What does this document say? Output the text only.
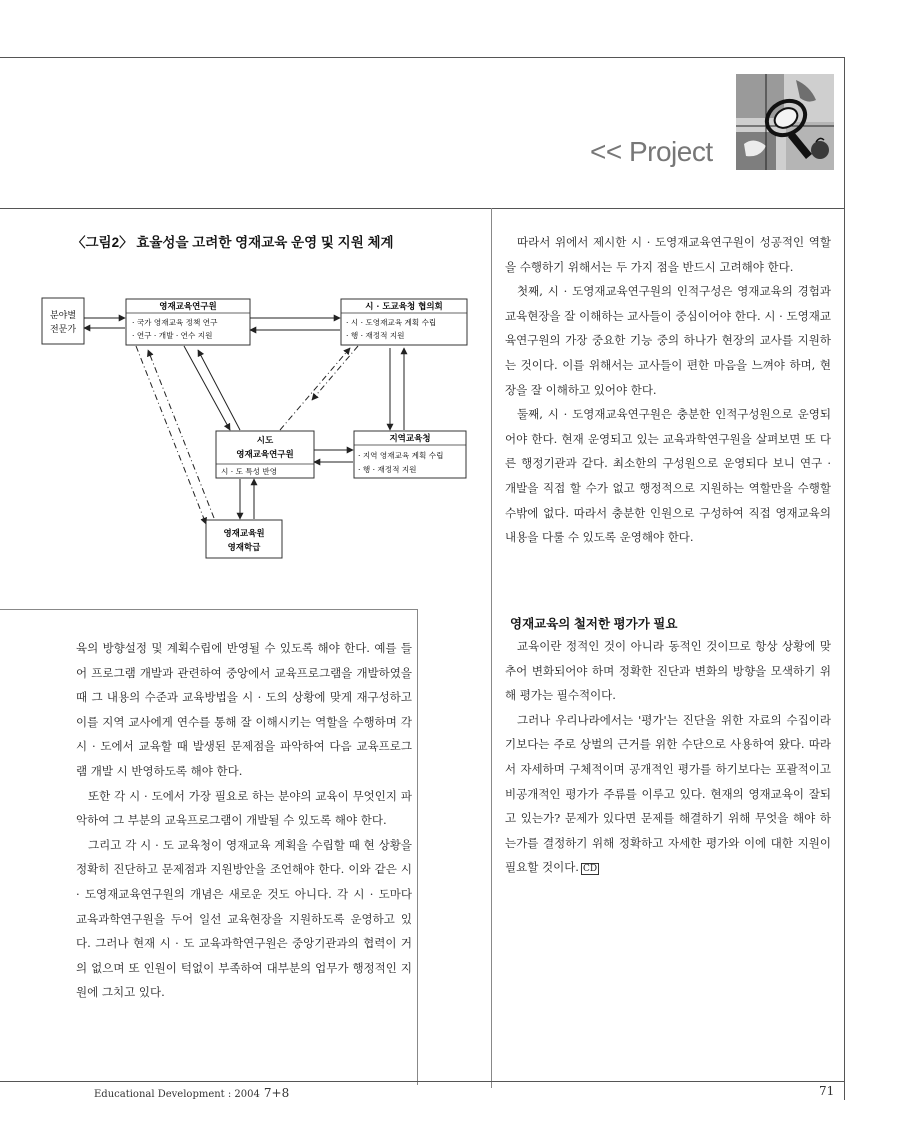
<< Project
〈그림2〉 효율성을 고려한 영재교육 운영 및 지원 체계
분야별
전문가
영재교육연구원
· 국가 영재교육 정책 연구
· 연구 · 개발 · 연수 지원
시 · 도교육청 협의회
· 시 · 도영재교육 계획 수립
· 행 · 재정적 지원
시도
영재교육연구원
시 · 도 특성 반영
지역교육청
· 지역 영재교육 계획 수립
· 행 · 재정적 지원
영재교육원
영재학급
육의 방향설정 및 계획수립에 반영될 수 있도록 해야 한다. 예를 들어 프로그램 개발과 관련하여 중앙에서 교육프로그램을 개발하였을 때 그 내용의 수준과 교육방법을 시 · 도의 상황에 맞게 재구성하고 이를 지역 교사에게 연수를 통해 잘 이해시키는 역할을 수행하며 각 시 · 도에서 교육할 때 발생된 문제점을 파악하여 다음 교육프로그램 개발 시 반영하도록 해야 한다.
또한 각 시 · 도에서 가장 필요로 하는 분야의 교육이 무엇인지 파악하여 그 부분의 교육프로그램이 개발될 수 있도록 해야 한다.
그리고 각 시 · 도 교육청이 영재교육 계획을 수립할 때 현 상황을 정확히 진단하고 문제점과 지원방안을 조언해야 한다. 이와 같은 시 · 도영재교육연구원의 개념은 새로운 것도 아니다. 각 시 · 도마다 교육과학연구원을 두어 일선 교육현장을 지원하도록 운영하고 있다. 그러나 현재 시 · 도 교육과학연구원은 중앙기관과의 협력이 거의 없으며 또 인원이 턱없이 부족하여 대부분의 업무가 행정적인 지원에 그치고 있다.
따라서 위에서 제시한 시 · 도영재교육연구원이 성공적인 역할을 수행하기 위해서는 두 가지 점을 반드시 고려해야 한다.
첫째, 시 · 도영재교육연구원의 인적구성은 영재교육의 경험과 교육현장을 잘 이해하는 교사들이 중심이어야 한다. 시 · 도영재교육연구원의 가장 중요한 기능 중의 하나가 현장의 교사를 지원하는 것이다. 이를 위해서는 교사들이 편한 마음을 느껴야 하며, 현장을 잘 이해하고 있어야 한다.
둘째, 시 · 도영재교육연구원은 충분한 인적구성원으로 운영되어야 한다. 현재 운영되고 있는 교육과학연구원을 살펴보면 또 다른 행정기관과 같다. 최소한의 구성원으로 운영되다 보니 연구 · 개발을 직접 할 수가 없고 행정적으로 지원하는 역할만을 수행할 수밖에 없다. 따라서 충분한 인원으로 구성하여 직접 영재교육의 내용을 다룰 수 있도록 운영해야 한다.
영재교육의 철저한 평가가 필요
교육이란 정적인 것이 아니라 동적인 것이므로 항상 상황에 맞추어 변화되어야 하며 정확한 진단과 변화의 방향을 모색하기 위해 평가는 필수적이다.
그러나 우리나라에서는 '평가'는 진단을 위한 자료의 수집이라기보다는 주로 상벌의 근거를 위한 수단으로 사용하여 왔다. 따라서 자세하며 구체적이며 공개적인 평가를 하기보다는 포괄적이고 비공개적인 평가가 주류를 이루고 있다. 현재의 영재교육이 잘되고 있는가? 문제가 있다면 문제를 해결하기 위해 무엇을 해야 하는가를 결정하기 위해 정확하고 자세한 평가와 이에 대한 지원이 필요할 것이다. CD
Educational Development : 2004 7+8	71
